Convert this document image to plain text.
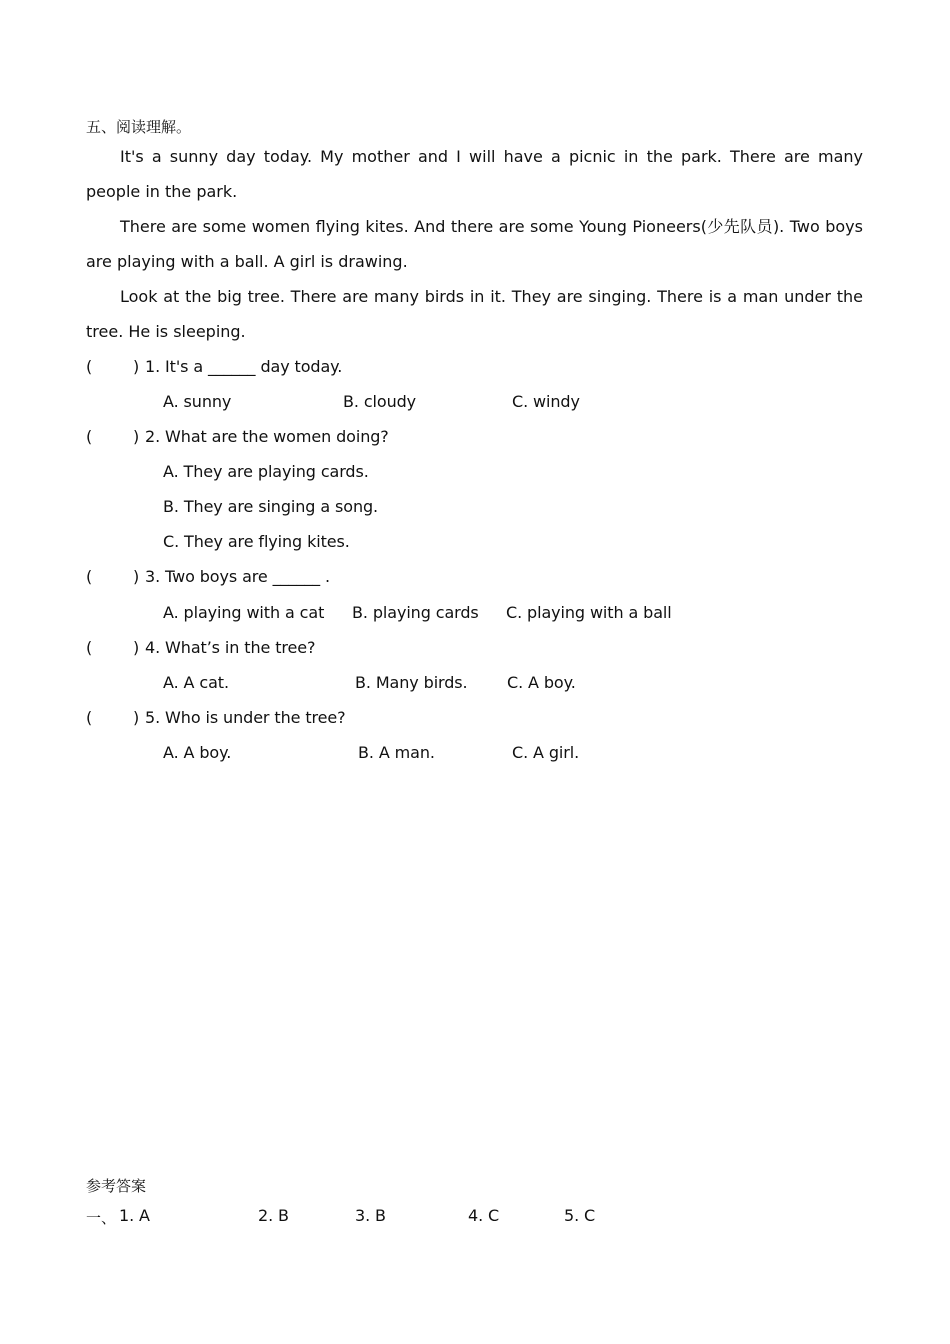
五、阅读理解。
It's a sunny day today. My mother and I will have a picnic in the park. There are many people in the park.
There are some women flying kites. And there are some Young Pioneers(少先队员). Two boys are playing with a ball. A girl is drawing.
Look at the big tree. There are many birds in it. They are singing. There is a man under the tree. He is sleeping.
(	) 1. It's a ______ day today.
A. sunny	B. cloudy	C. windy
(	) 2. What are the women doing?
A. They are playing cards.
B. They are singing a song.
C. They are flying kites.
(	) 3. Two boys are ______ .
A. playing with a cat B. playing cards C. playing with a ball
(	) 4. What’s in the tree?
A. A cat.	B. Many birds. C. A boy.
(	) 5. Who is under the tree?
A. A boy.	B. A man.	C. A girl.
参考答案
一、 1. A	2. B	3. B	4. C	5. C
